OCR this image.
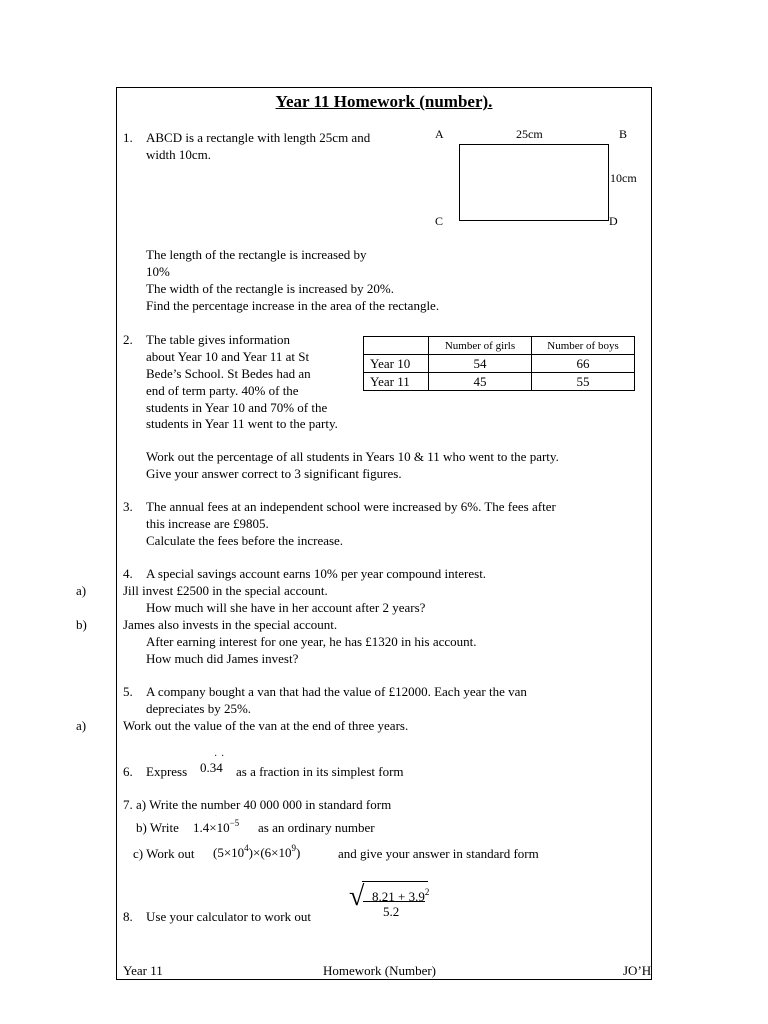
Year 11 Homework (number).
1. ABCD is a rectangle with length 25cm and
width 10cm.
A	25cm	B
10cm
C	D
The length of the rectangle is increased by
10%
The width of the rectangle is increased by 20%.
Find the percentage increase in the area of the rectangle.
2. The table gives information
about Year 10 and Year 11 at St
Bede’s School. St Bedes had an
end of term party. 40% of the
students in Year 10 and 70% of the
students in Year 11 went to the party.
	Number of girls	Number of boys
Year 10	54	66
Year 11	45	55
Work out the percentage of all students in Years 10 & 11 who went to the party.
Give your answer correct to 3 significant figures.
3. The annual fees at an independent school were increased by 6%. The fees after
this increase are £9805.
Calculate the fees before the increase.
4. A special savings account earns 10% per year compound interest.
a)	Jill invest £2500 in the special account.
How much will she have in her account after 2 years?
b)	James also invests in the special account.
After earning interest for one year, he has £1320 in his account.
How much did James invest?
5. A company bought a van that had the value of £12000. Each year the van
depreciates by 25%.
a)	Work out the value of the van at the end of three years.
6. Express 0.34
· ·
as a fraction in its simplest form
7. a) Write the number 40 000 000 in standard form
b) Write $1.4\times 10^{-5}$ as an ordinary number
c) Work out $(5\times 10^4)\times(6\times 10^9)$	and give your answer in standard form
8. Use your calculator to work out
√ $8.21 + 3.9^2$
5.2
Year 11	Homework (Number)	JO’H
